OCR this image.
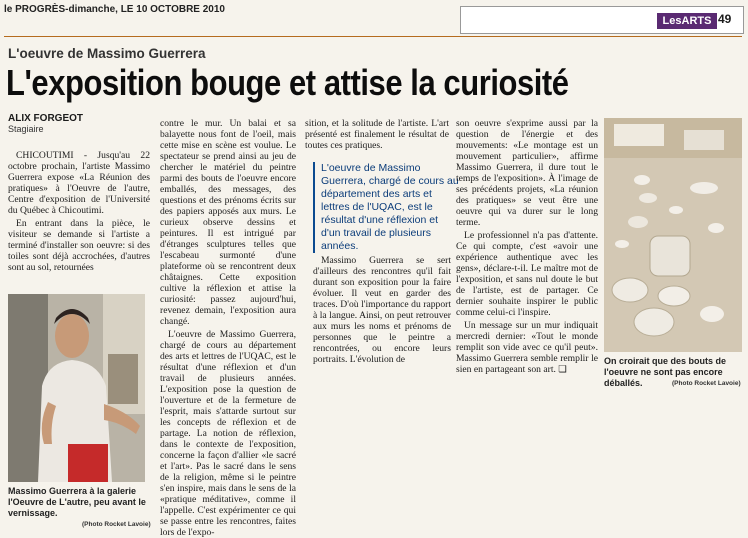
le PROGRÈS-dimanche, LE 10 OCTOBRE 2010
LesARTS 49
L'oeuvre de Massimo Guerrera
L'exposition bouge et attise la curiosité
ALIX FORGEOT
Stagiaire

CHICOUTIMI - Jusqu'au 22 octobre prochain, l'artiste Massimo Guerrera expose «La Réunion des pratiques» à l'Oeuvre de l'autre, Centre d'exposition de l'Université du Québec à Chicoutimi.

En entrant dans la pièce, le visiteur se demande si l'artiste a terminé d'installer son oeuvre: si des toiles sont déjà accrochées, d'autres sont au sol, retournées

Massimo Guerrera à la galerie l'Oeuvre de L'autre, peu avant le vernissage.
(Photo Rocket Lavoie)

contre le mur. Un balai et sa balayette nous font de l'oeil, mais cette mise en scène est voulue. Le spectateur se prend ainsi au jeu de chercher le matériel du peintre parmi des bouts de l'oeuvre encore emballés, des messages, des questions et des prénoms écrits sur des papiers apposés aux murs. Le curieux observe dessins et peintures. Il est intrigué par d'étranges sculptures telles que l'escabeau surmonté d'une plateforme où se rencontrent deux châtaignes. Cette exposition cultive la réflexion et attise la curiosité: passez aujourd'hui, revenez demain, l'exposition aura changé.

L'oeuvre de Massimo Guerrera, chargé de cours au département des arts et lettres de l'UQAC, est le résultat d'une réflexion et d'un travail de plusieurs années. L'exposition pose la question de l'ouverture et de la fermeture de l'esprit, mais s'attarde surtout sur les concepts de réflexion et de partage. La notion de réflexion, dans le contexte de l'exposition, concerne la façon d'allier «le sacré et l'art». Pas le sacré dans le sens de la religion, même si le peintre s'en inspire, mais dans le sens de la «pratique méditative», comme il l'appelle. C'est expérimenter ce qui se passe entre les rencontres, faites lors de l'expo-

sition, et la solitude de l'artiste. L'art présenté est finalement le résultat de toutes ces pratiques.

L'oeuvre de Massimo Guerrera, chargé de cours au département des arts et lettres de l'UQAC, est le résultat d'une réflexion et d'un travail de plusieurs années.

Massimo Guerrera se sert d'ailleurs des rencontres qu'il fait durant son exposition pour la faire évoluer. Il veut en garder des traces. D'où l'importance du rapport à la langue. Ainsi, on peut retrouver aux murs les noms et prénoms de personnes que le peintre a rencontrées, ou encore leurs portraits. L'évolution de

son oeuvre s'exprime aussi par la question de l'énergie et des mouvements: «Le montage est un mouvement particulier», affirme Massimo Guerrera, il dure tout le temps de l'exposition». À l'image de ses précédents projets, «La réunion des pratiques» se veut être une oeuvre qui va durer sur le long terme.

Le professionnel n'a pas d'attente. Ce qui compte, c'est «avoir une expérience authentique avec les gens», déclare-t-il. Le maître mot de l'exposition, et sans nul doute le but de l'artiste, est de partager. Ce dernier souhaite inspirer le public comme celui-ci l'inspire.

Un message sur un mur indiquait mercredi dernier: «Tout le monde remplit son vide avec ce qu'il peut». Massimo Guerrera semble remplir le sien en partageant son art. ❏

On croirait que des bouts de l'oeuvre ne sont pas encore déballés.	(Photo Rocket Lavoie)
